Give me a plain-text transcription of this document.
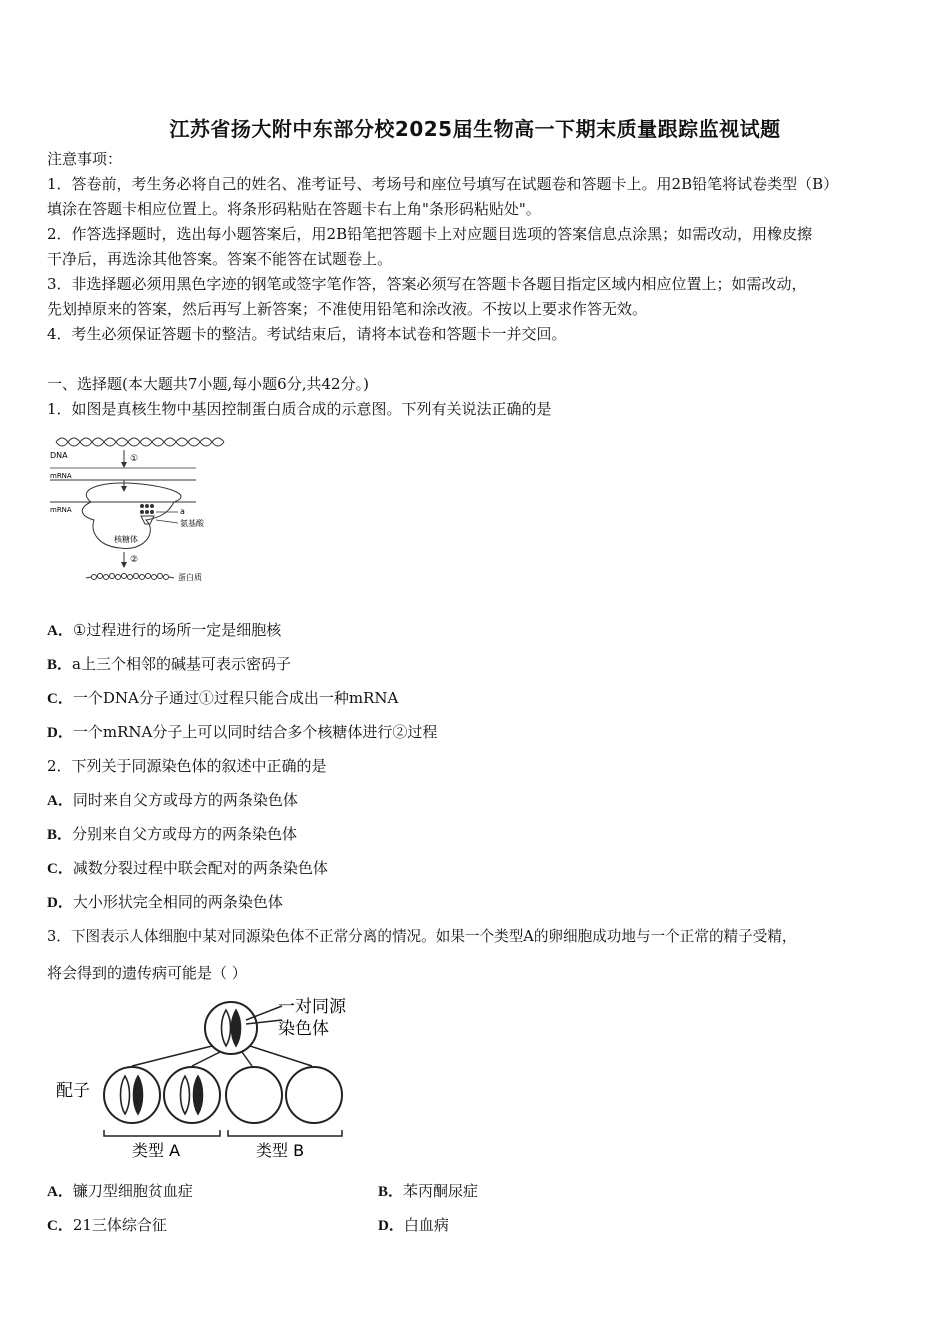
江苏省扬大附中东部分校2025届生物高一下期末质量跟踪监视试题
注意事项：
1．答卷前，考生务必将自己的姓名、准考证号、考场号和座位号填写在试题卷和答题卡上。用2B铅笔将试卷类型（B）
填涂在答题卡相应位置上。将条形码粘贴在答题卡右上角"条形码粘贴处"。
2．作答选择题时，选出每小题答案后，用2B铅笔把答题卡上对应题目选项的答案信息点涂黑；如需改动，用橡皮擦
干净后，再选涂其他答案。答案不能答在试题卷上。
3．非选择题必须用黑色字迹的钢笔或签字笔作答，答案必须写在答题卡各题目指定区域内相应位置上；如需改动，
先划掉原来的答案，然后再写上新答案；不准使用铅笔和涂改液。不按以上要求作答无效。
4．考生必须保证答题卡的整洁。考试结束后，请将本试卷和答题卡一并交回。
一、选择题(本大题共7小题,每小题6分,共42分。)
1．如图是真核生物中基因控制蛋白质合成的示意图。下列有关说法正确的是
DNA	①
mRNA
mRNA	a
氨基酸
核糖体
②
蛋白质
A．①过程进行的场所一定是细胞核
B．a上三个相邻的碱基可表示密码子
C．一个DNA分子通过①过程只能合成出一种mRNA
D．一个mRNA分子上可以同时结合多个核糖体进行②过程
2．下列关于同源染色体的叙述中正确的是
A．同时来自父方或母方的两条染色体
B．分别来自父方或母方的两条染色体
C．减数分裂过程中联会配对的两条染色体
D．大小形状完全相同的两条染色体
3．下图表示人体细胞中某对同源染色体不正常分离的情况。如果一个类型A的卵细胞成功地与一个正常的精子受精，
将会得到的遗传病可能是（ ）
一对同源
染色体
配子
类型 A	类型 B
A．镰刀型细胞贫血症	B．苯丙酮尿症
C．21三体综合征	D．白血病
